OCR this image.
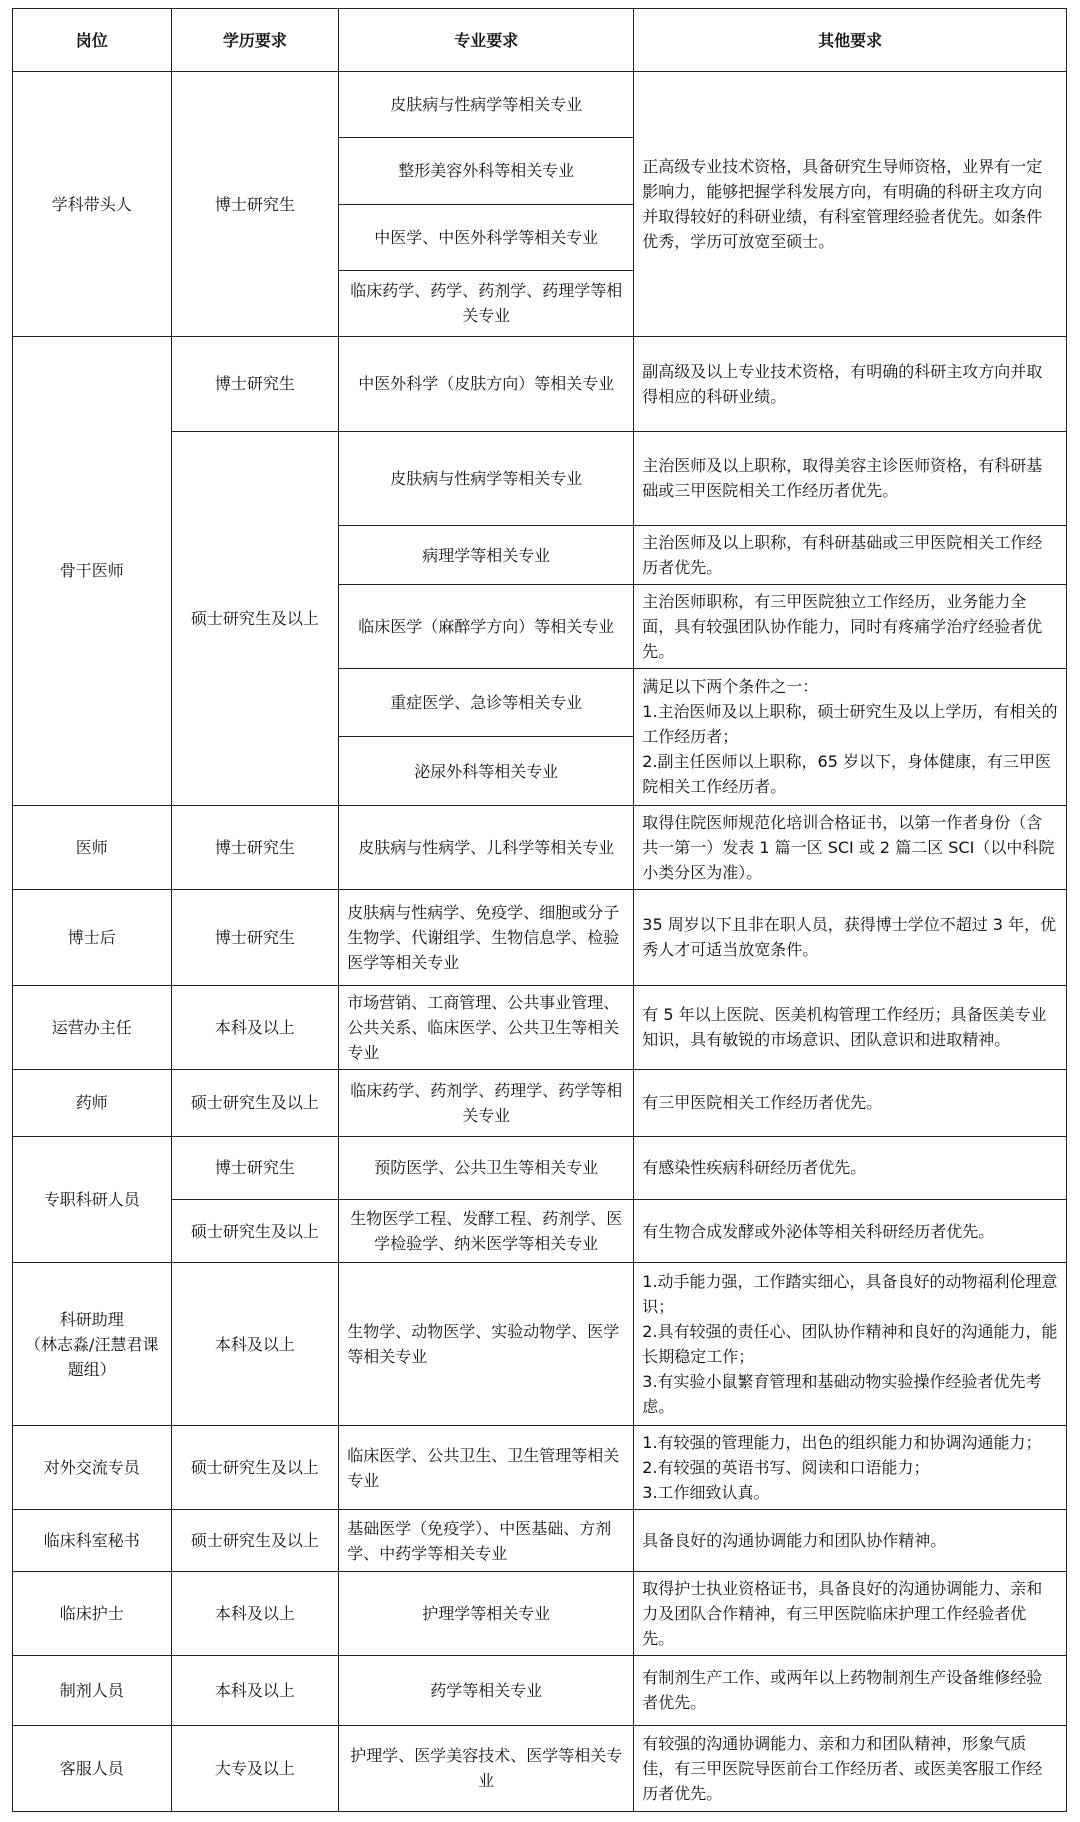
岗位	学历要求	专业要求	其他要求
学科带头人	博士研究生	皮肤病与性病学等相关专业	正高级专业技术资格，具备研究生导师资格，业界有一定影响力，能够把握学科发展方向，有明确的科研主攻方向并取得较好的科研业绩，有科室管理经验者优先。如条件优秀，学历可放宽至硕士。
		整形美容外科等相关专业	
		中医学、中医外科学等相关专业	
		临床药学、药学、药剂学、药理学等相关专业	
骨干医师	博士研究生	中医外科学（皮肤方向）等相关专业	副高级及以上专业技术资格，有明确的科研主攻方向并取得相应的科研业绩。
	硕士研究生及以上	皮肤病与性病学等相关专业	主治医师及以上职称，取得美容主诊医师资格，有科研基础或三甲医院相关工作经历者优先。
		病理学等相关专业	主治医师及以上职称，有科研基础或三甲医院相关工作经历者优先。
		临床医学（麻醉学方向）等相关专业	主治医师职称，有三甲医院独立工作经历，业务能力全面，具有较强团队协作能力，同时有疼痛学治疗经验者优先。
		重症医学、急诊等相关专业	满足以下两个条件之一：
1.主治医师及以上职称，硕士研究生及以上学历，有相关的工作经历者；
2.副主任医师以上职称，65 岁以下，身体健康，有三甲医院相关工作经历者。
		泌尿外科等相关专业	
医师	博士研究生	皮肤病与性病学、儿科学等相关专业	取得住院医师规范化培训合格证书，以第一作者身份（含共一第一）发表 1 篇一区 SCI 或 2 篇二区 SCI（以中科院小类分区为准）。
博士后	博士研究生	皮肤病与性病学、免疫学、细胞或分子生物学、代谢组学、生物信息学、检验医学等相关专业	35 周岁以下且非在职人员，获得博士学位不超过 3 年，优秀人才可适当放宽条件。
运营办主任	本科及以上	市场营销、工商管理、公共事业管理、公共关系、临床医学、公共卫生等相关专业	有 5 年以上医院、医美机构管理工作经历；具备医美专业知识，具有敏锐的市场意识、团队意识和进取精神。
药师	硕士研究生及以上	临床药学、药剂学、药理学、药学等相关专业	有三甲医院相关工作经历者优先。
专职科研人员	博士研究生	预防医学、公共卫生等相关专业	有感染性疾病科研经历者优先。
	硕士研究生及以上	生物医学工程、发酵工程、药剂学、医学检验学、纳米医学等相关专业	有生物合成发酵或外泌体等相关科研经历者优先。
科研助理
（林志淼/汪慧君课题组）	本科及以上	生物学、动物医学、实验动物学、医学等相关专业	1.动手能力强，工作踏实细心，具备良好的动物福利伦理意识；
2.具有较强的责任心、团队协作精神和良好的沟通能力，能长期稳定工作；
3.有实验小鼠繁育管理和基础动物实验操作经验者优先考虑。
对外交流专员	硕士研究生及以上	临床医学、公共卫生、卫生管理等相关专业	1.有较强的管理能力，出色的组织能力和协调沟通能力；
2.有较强的英语书写、阅读和口语能力；
3.工作细致认真。
临床科室秘书	硕士研究生及以上	基础医学（免疫学）、中医基础、方剂学、中药学等相关专业	具备良好的沟通协调能力和团队协作精神。
临床护士	本科及以上	护理学等相关专业	取得护士执业资格证书，具备良好的沟通协调能力、亲和力及团队合作精神，有三甲医院临床护理工作经验者优先。
制剂人员	本科及以上	药学等相关专业	有制剂生产工作、或两年以上药物制剂生产设备维修经验者优先。
客服人员	大专及以上	护理学、医学美容技术、医学等相关专业	有较强的沟通协调能力、亲和力和团队精神，形象气质佳，有三甲医院导医前台工作经历者、或医美客服工作经历者优先。
